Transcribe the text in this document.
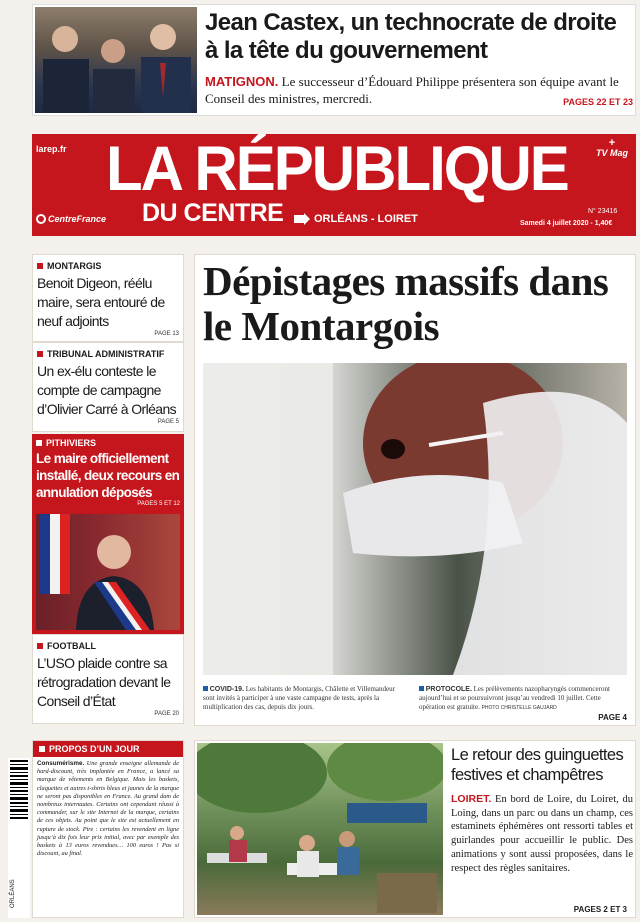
Jean Castex, un technocrate de droite à la tête du gouvernement
MATIGNON. Le successeur d’Édouard Philippe présentera son équipe avant le Conseil des ministres, mercredi.	PAGES 22 ET 23
larep.fr LA RÉPUBLIQUE	+
TV Mag
CentreFrance DU CENTRE	ORLÉANS - LOIRET
N° 23416
Samedi 4 juillet 2020 - 1,40€
MONTARGIS
Benoit Digeon, réélu maire, sera entouré de neuf adjoints
PAGE 13
TRIBUNAL ADMINISTRATIF
Un ex-élu conteste le compte de campagne d’Olivier Carré à Orléans
PAGE 5
PITHIVIERS
Le maire officiellement installé, deux recours en annulation déposés
PAGES 5 ET 12
FOOTBALL
L’USO plaide contre sa rétrogradation devant le Conseil d’État
PAGE 20
Dépistages massifs dans le Montargois
COVID-19. Les habitants de Montargis, Châlette et Villemandeur sont invités à participer à une vaste campagne de tests, après la multiplication des cas, depuis dix jours.
PROTOCOLE. Les prélèvements nazopharyngés commenceront aujourd’hui et se poursuivront jusqu’au vendredi 10 juillet. Cette opération est gratuite. PHOTO CHRISTELLE GAUJARD
PAGE 4
ORLÉANS
PROPOS D’UN JOUR
Consumérisme. Une grande enseigne allemande de hard-discount, très implantée en France, a lancé sa marque de vêtements en Belgique. Mais les baskets, claquettes et autres t-shirts bleus et jaunes de la marque ne seront pas disponibles en France. Au grand dam de nombreux internautes. Certains ont cependant réussi à commander, sur le site Internet de la marque, certains de ces objets. Au point que le site est actuellement en rupture de stock. Pire : certains les revendent en ligne jusqu’à dix fois leur prix initial, avec par exemple des baskets à 13 euros revendues… 100 euros ! Pas si discount, au final.
Le retour des guinguettes festives et champêtres
LOIRET. En bord de Loire, du Loiret, du Loing, dans un parc ou dans un champ, ces estaminets éphémères ont ressorti tables et guirlandes pour accueillir le public. Des animations y sont aussi proposées, dans le respect des règles sanitaires.
PAGES 2 ET 3
